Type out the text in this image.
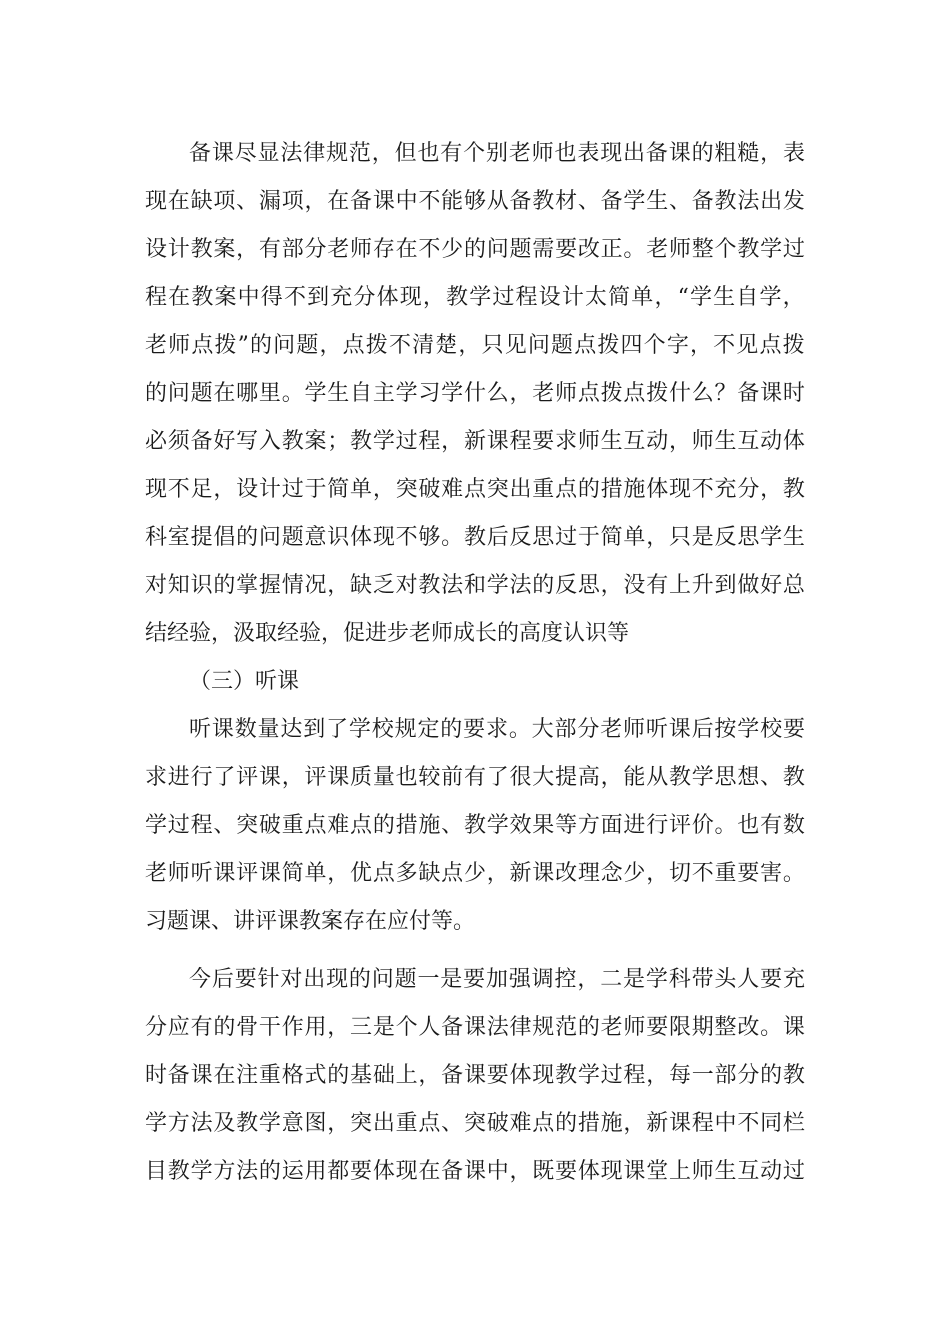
备 课 尽 显 法 律 规 范 ， 但 也 有 个 别 老 师 也 表 现 出 备 课 的 粗 糙 ， 表
现 在 缺 项 、 漏 项 ， 在 备 课 中 不 能 够 从 备 教 材 、 备 学 生 、 备 教 法 出 发
设 计 教 案 ， 有 部 分 老 师 存 在 不 少 的 问 题 需 要 改 正 。 老 师 整 个 教 学 过
程 在 教 案 中 得 不 到 充 分 体 现 ， 教 学 过 程 设 计 太 简 单 ， “ 学 生 自 学 ，
老 师 点 拨 ” 的 问 题 ， 点 拨 不 清 楚 ， 只 见 问 题 点 拨 四 个 字 ， 不 见 点 拨
的 问 题 在 哪 里 。 学 生 自 主 学 习 学 什 么 ， 老 师 点 拨 点 拨 什 么 ？ 备 课 时
必 须 备 好 写 入 教 案 ； 教 学 过 程 ， 新 课 程 要 求 师 生 互 动 ， 师 生 互 动 体
现 不 足 ， 设 计 过 于 简 单 ， 突 破 难 点 突 出 重 点 的 措 施 体 现 不 充 分 ， 教
科 室 提 倡 的 问 题 意 识 体 现 不 够 。 教 后 反 思 过 于 简 单 ， 只 是 反 思 学 生
对 知 识 的 掌 握 情 况 ， 缺 乏 对 教 法 和 学 法 的 反 思 ， 没 有 上 升 到 做 好 总
结经验，汲取经验，促进步老师成长的高度认识等
（三）听课
听 课 数 量 达 到 了 学 校 规 定 的 要 求 。 大 部 分 老 师 听 课 后 按 学 校 要
求 进 行 了 评 课 ， 评 课 质 量 也 较 前 有 了 很 大 提 高 ， 能 从 教 学 思 想 、 教
学 过 程 、 突 破 重 点 难 点 的 措 施 、 教 学 效 果 等 方 面 进 行 评 价 。 也 有 数
老 师 听 课 评 课 简 单 ， 优 点 多 缺 点 少 ， 新 课 改 理 念 少 ， 切 不 重 要 害 。
习题课、讲评课教案存在应付等。
今 后 要 针 对 出 现 的 问 题 一 是 要 加 强 调 控 ， 二 是 学 科 带 头 人 要 充
分 应 有 的 骨 干 作 用 ， 三 是 个 人 备 课 法 律 规 范 的 老 师 要 限 期 整 改 。 课
时 备 课 在 注 重 格 式 的 基 础 上 ， 备 课 要 体 现 教 学 过 程 ， 每 一 部 分 的 教
学 方 法 及 教 学 意 图 ， 突 出 重 点 、 突 破 难 点 的 措 施 ， 新 课 程 中 不 同 栏
目 教 学 方 法 的 运 用 都 要 体 现 在 备 课 中 ， 既 要 体 现 课 堂 上 师 生 互 动 过
